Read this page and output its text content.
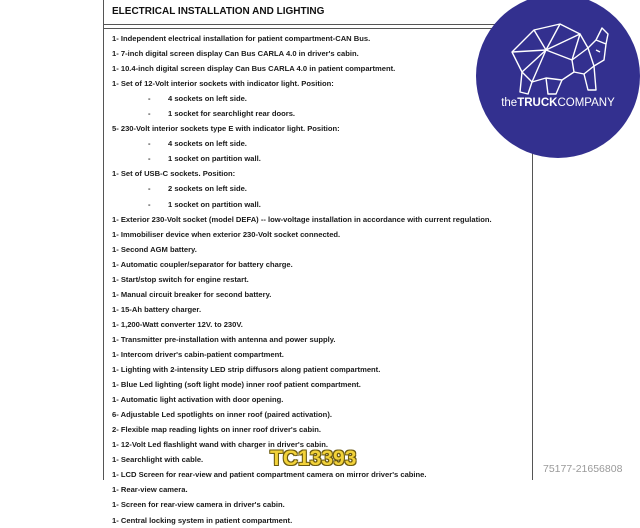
ELECTRICAL INSTALLATION AND LIGHTING
1- Independent electrical installation for patient compartment-CAN Bus.
1- 7-inch digital screen display Can Bus CARLA 4.0 in driver's cabin.
1- 10.4-inch digital screen display Can Bus CARLA 4.0 in patient compartment.
1- Set of 12-Volt interior sockets with indicator light. Position:
- 4 sockets on left side.
- 1 socket for searchlight rear doors.
5- 230-Volt interior sockets type E with indicator light. Position:
- 4 sockets on left side.
- 1 socket on partition wall.
1- Set of USB-C sockets. Position:
- 2 sockets on left side.
- 1 socket on partition wall.
1- Exterior 230-Volt socket (model DEFA) -- low-voltage installation in accordance with current regulation.
1- Immobiliser device when exterior 230-Volt socket connected.
1- Second AGM battery.
1- Automatic coupler/separator for battery charge.
1- Start/stop switch for engine restart.
1- Manual circuit breaker for second battery.
1- 15-Ah battery charger.
1- 1,200-Watt converter 12V. to 230V.
1- Transmitter pre-installation with antenna and power supply.
1- Intercom driver's cabin-patient compartment.
1- Lighting with 2-intensity LED strip diffusors along patient compartment.
1- Blue Led lighting (soft light mode) inner roof patient compartment.
1- Automatic light activation with door opening.
6- Adjustable Led spotlights on inner roof (paired activation).
2- Flexible map reading lights on inner roof driver's cabin.
1- 12-Volt Led flashlight wand with charger in driver's cabin.
1- Searchlight with cable.
1- LCD Screen for rear-view and patient compartment camera on mirror driver's cabine.
1- Rear-view camera.
1- Screen for rear-view camera in driver's cabin.
1- Central locking system in patient compartment.
theTRUCKCOMPANY
TC13393	75177-21656808
